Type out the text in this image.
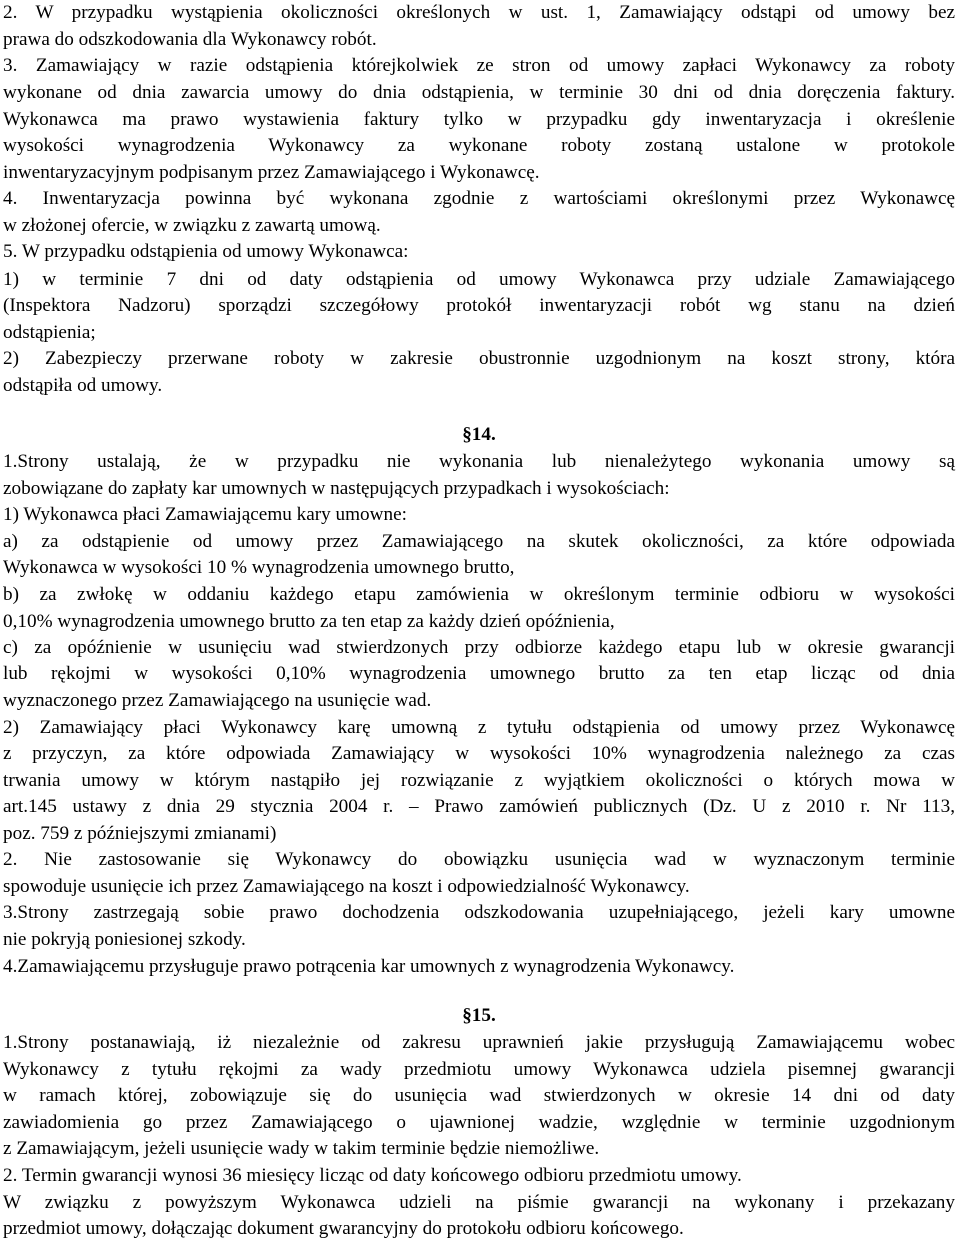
2. W przypadku wystąpienia okoliczności określonych w ust. 1, Zamawiający odstąpi od umowy bez
prawa do odszkodowania dla Wykonawcy robót.
3. Zamawiający w razie odstąpienia którejkolwiek ze stron od umowy zapłaci Wykonawcy za roboty
wykonane od dnia zawarcia umowy do dnia odstąpienia, w terminie 30 dni od dnia doręczenia faktury.
Wykonawca ma prawo wystawienia faktury tylko w przypadku gdy inwentaryzacja i określenie
wysokości wynagrodzenia Wykonawcy za wykonane roboty zostaną ustalone w protokole
inwentaryzacyjnym podpisanym przez Zamawiającego i Wykonawcę.
4. Inwentaryzacja powinna być wykonana zgodnie z wartościami określonymi przez Wykonawcę
w złożonej ofercie, w związku z zawartą umową.
5. W przypadku odstąpienia od umowy Wykonawca:
1) w terminie 7 dni od daty odstąpienia od umowy Wykonawca przy udziale Zamawiającego
(Inspektora Nadzoru) sporządzi szczegółowy protokół inwentaryzacji robót wg stanu na dzień
odstąpienia;
2) Zabezpieczy przerwane roboty w zakresie obustronnie uzgodnionym na koszt strony, która
odstąpiła od umowy.
§14.
1.Strony ustalają, że w przypadku nie wykonania lub nienależytego wykonania umowy są
zobowiązane do zapłaty kar umownych w następujących przypadkach i wysokościach:
1) Wykonawca płaci Zamawiającemu kary umowne:
a) za odstąpienie od umowy przez Zamawiającego na skutek okoliczności, za które odpowiada
Wykonawca w wysokości 10 % wynagrodzenia umownego brutto,
b) za zwłokę w oddaniu każdego etapu zamówienia w określonym terminie odbioru w wysokości
0,10% wynagrodzenia umownego brutto za ten etap za każdy dzień opóźnienia,
c) za opóźnienie w usunięciu wad stwierdzonych przy odbiorze każdego etapu lub w okresie gwarancji
lub rękojmi w wysokości 0,10% wynagrodzenia umownego brutto za ten etap licząc od dnia
wyznaczonego przez Zamawiającego na usunięcie wad.
2) Zamawiający płaci Wykonawcy karę umowną z tytułu odstąpienia od umowy przez Wykonawcę
z przyczyn, za które odpowiada Zamawiający w wysokości 10% wynagrodzenia należnego za czas
trwania umowy w którym nastąpiło jej rozwiązanie z wyjątkiem okoliczności o których mowa w
art.145 ustawy z dnia 29 stycznia 2004 r. – Prawo zamówień publicznych (Dz. U z 2010 r. Nr 113,
poz. 759 z późniejszymi zmianami)
2. Nie zastosowanie się Wykonawcy do obowiązku usunięcia wad w wyznaczonym terminie
spowoduje usunięcie ich przez Zamawiającego na koszt i odpowiedzialność Wykonawcy.
3.Strony zastrzegają sobie prawo dochodzenia odszkodowania uzupełniającego, jeżeli kary umowne
nie pokryją poniesionej szkody.
4.Zamawiającemu przysługuje prawo potrącenia kar umownych z wynagrodzenia Wykonawcy.
§15.
1.Strony postanawiają, iż niezależnie od zakresu uprawnień jakie przysługują Zamawiającemu wobec
Wykonawcy z tytułu rękojmi za wady przedmiotu umowy Wykonawca udziela pisemnej gwarancji
w ramach której, zobowiązuje się do usunięcia wad stwierdzonych w okresie 14 dni od daty
zawiadomienia go przez Zamawiającego o ujawnionej wadzie, względnie w terminie uzgodnionym
z Zamawiającym, jeżeli usunięcie wady w takim terminie będzie niemożliwe.
2. Termin gwarancji wynosi 36 miesięcy licząc od daty końcowego odbioru przedmiotu umowy.
W związku z powyższym Wykonawca udzieli na piśmie gwarancji na wykonany i przekazany
przedmiot umowy, dołączając dokument gwarancyjny do protokołu odbioru końcowego.
